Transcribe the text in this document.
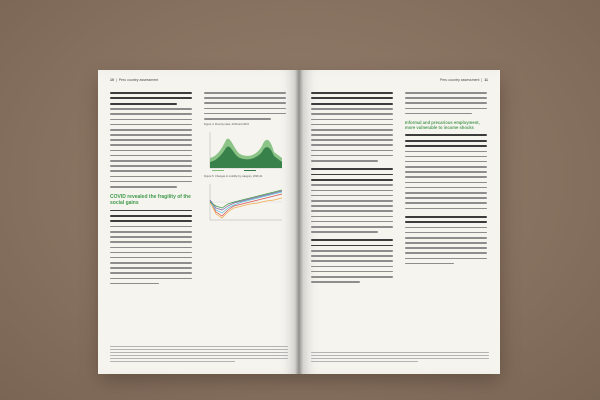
10  |  Peru country assessment
COVID revealed the fragility of the social gains
Figure 4. Poverty rates, 2019 and 2021
Figure 5. Changes in mobility by category, 2020-21
Peru country assessment  |  11
Informal and precarious employment, more vulnerable to income shocks
